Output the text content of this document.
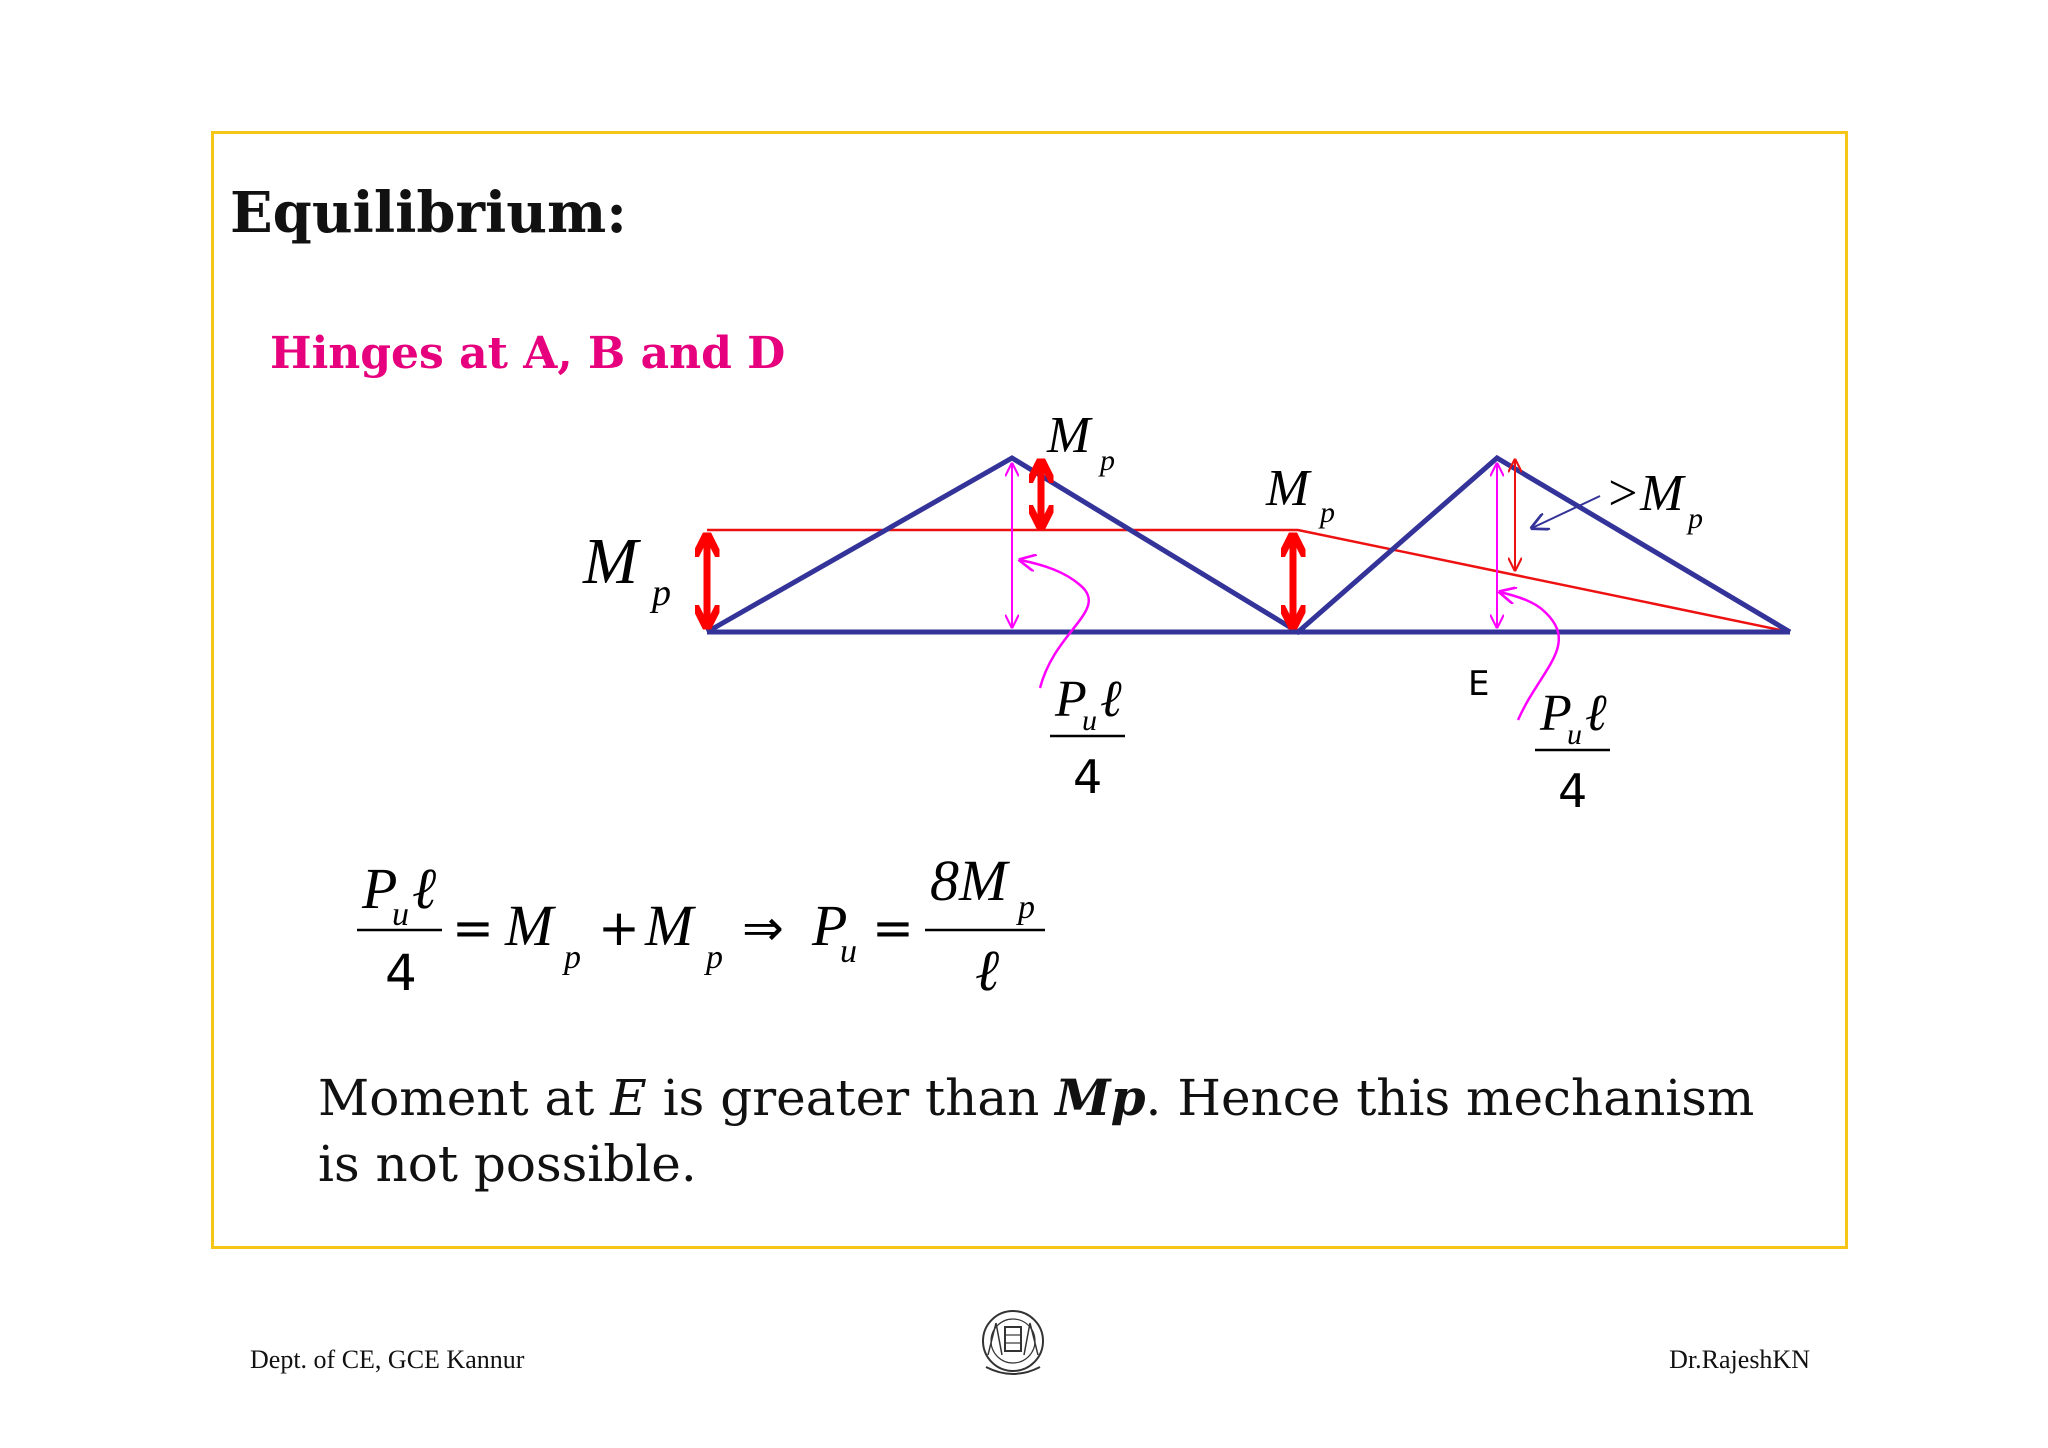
Equilibrium:
Hinges at A, B and D
M p
M p	M p	>M p
E
P
u ℓ
4
P
u ℓ
4
P
u ℓ
4
= M p
+ M p
⇒ P
u =
8M p
ℓ

Moment at E is greater than Mp. Hence this mechanism is not possible.

Dept. of CE, GCE Kannur	Dr.RajeshKN
